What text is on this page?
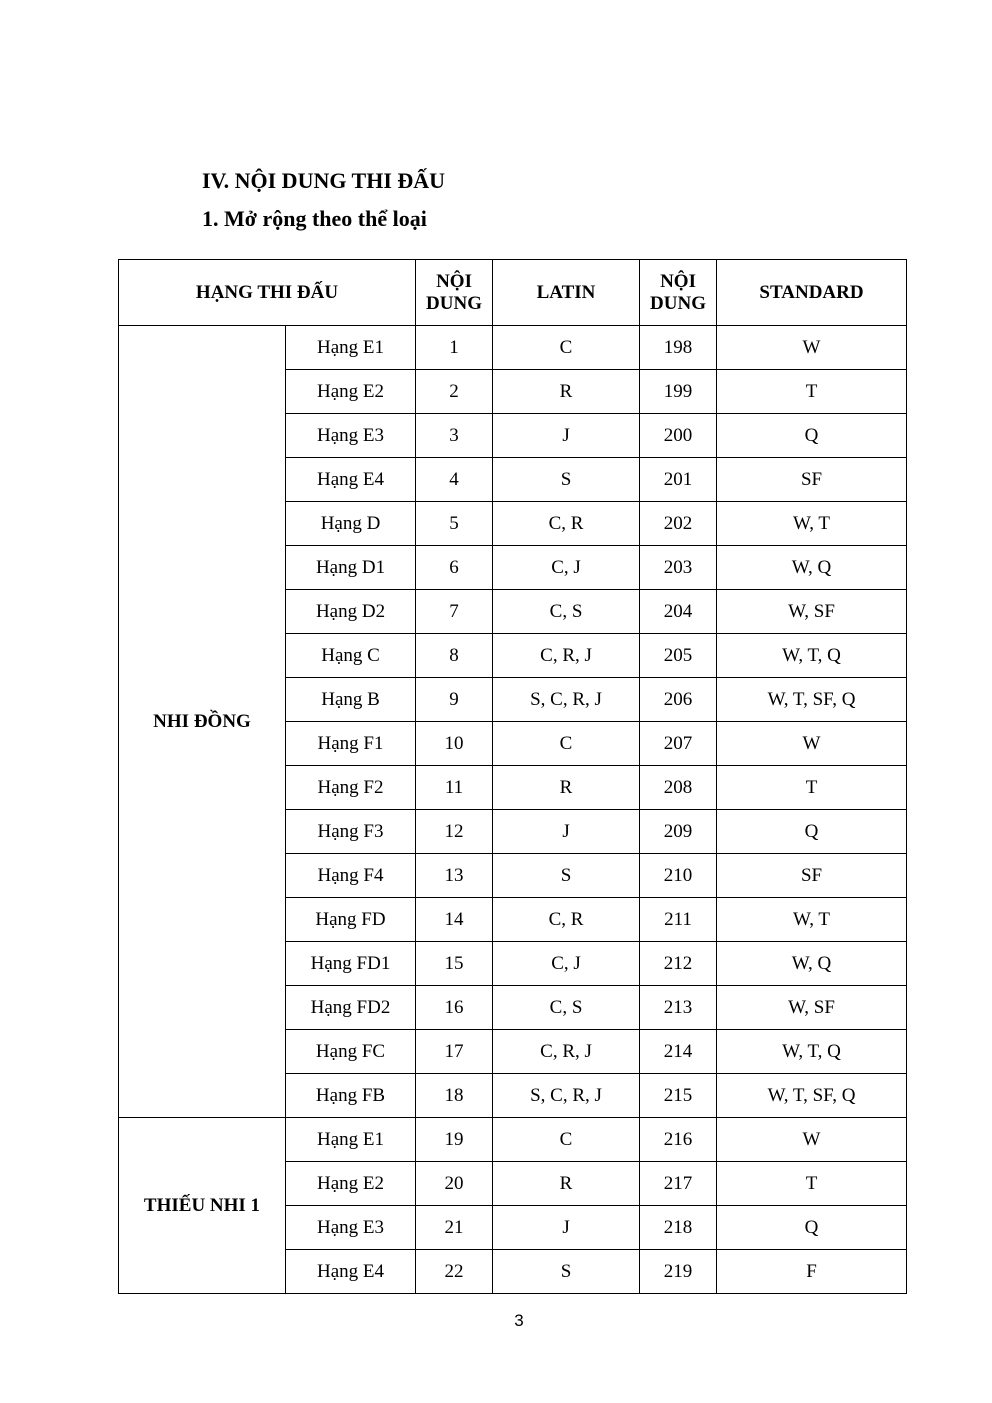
IV. NỘI DUNG THI ĐẤU
1. Mở rộng theo thể loại
HẠNG THI ĐẤU		NỘI DUNG	LATIN	NỘI DUNG	STANDARD
NHI ĐỒNG	Hạng E1	1	C	198	W
	Hạng E2	2	R	199	T
	Hạng E3	3	J	200	Q
	Hạng E4	4	S	201	SF
	Hạng D	5	C, R	202	W, T
	Hạng D1	6	C, J	203	W, Q
	Hạng D2	7	C, S	204	W, SF
	Hạng C	8	C, R, J	205	W, T, Q
	Hạng B	9	S, C, R, J	206	W, T, SF, Q
	Hạng F1	10	C	207	W
	Hạng F2	11	R	208	T
	Hạng F3	12	J	209	Q
	Hạng F4	13	S	210	SF
	Hạng FD	14	C, R	211	W, T
	Hạng FD1	15	C, J	212	W, Q
	Hạng FD2	16	C, S	213	W, SF
	Hạng FC	17	C, R, J	214	W, T, Q
	Hạng FB	18	S, C, R, J	215	W, T, SF, Q
THIẾU NHI 1	Hạng E1	19	C	216	W
	Hạng E2	20	R	217	T
	Hạng E3	21	J	218	Q
	Hạng E4	22	S	219	F
3
